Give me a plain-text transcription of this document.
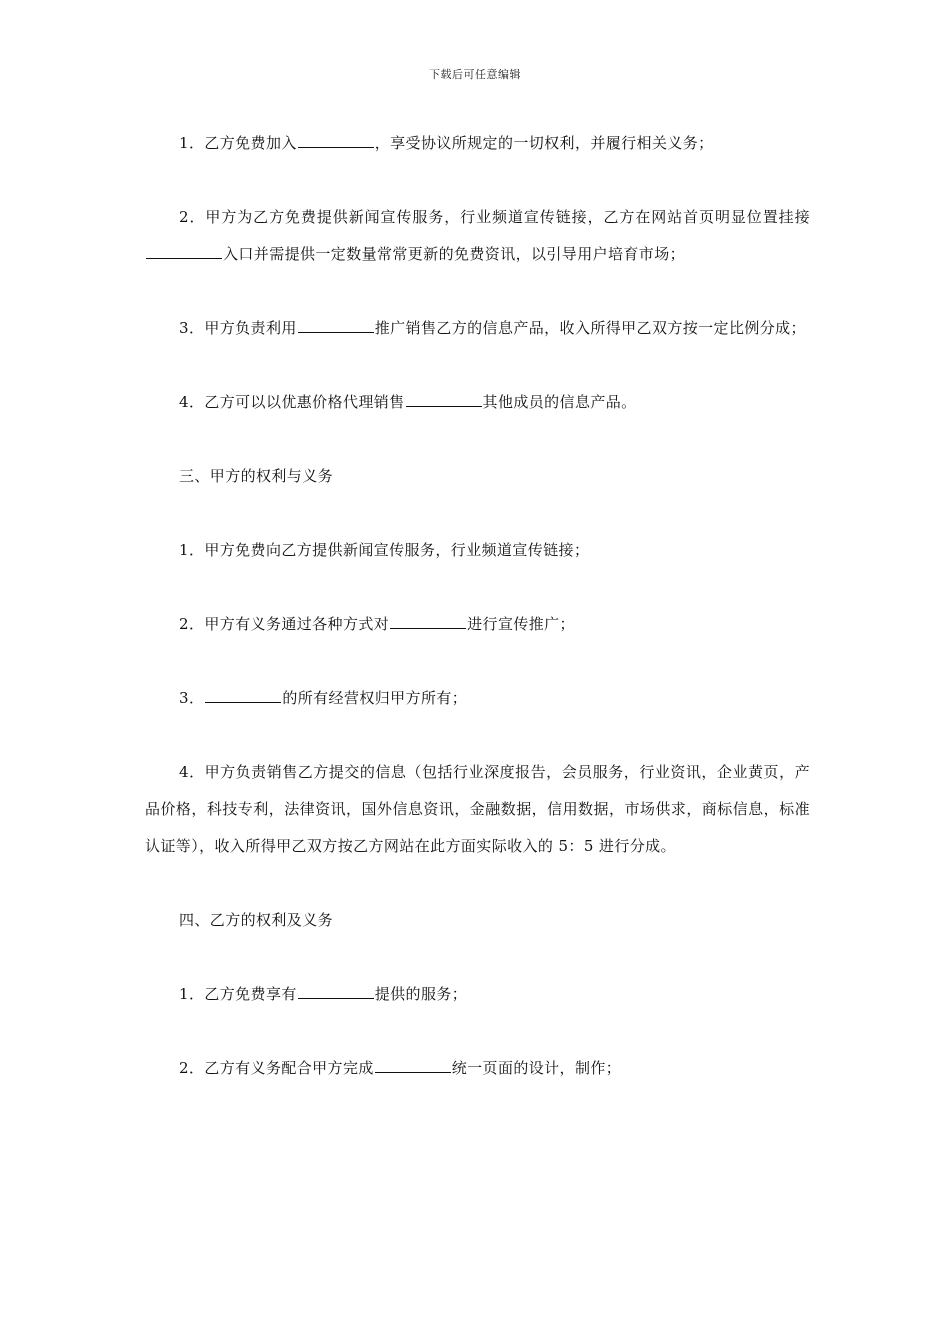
下载后可任意编辑

1．乙方免费加入	，享受协议所规定的一切权利，并履行相关义务；

2．甲方为乙方免费提供新闻宣传服务，行业频道宣传链接，乙方在网站首页明显位置挂接入口并需提供一定数量常常更新的免费资讯，以引导用户培育市场；

3．甲方负责利用	推广销售乙方的信息产品，收入所得甲乙双方按一定比例分成；

4．乙方可以以优惠价格代理销售	其他成员的信息产品。

三、甲方的权利与义务

1．甲方免费向乙方提供新闻宣传服务，行业频道宣传链接；

2．甲方有义务通过各种方式对	进行宣传推广；

3．	的所有经营权归甲方所有；

4．甲方负责销售乙方提交的信息（包括行业深度报告，会员服务，行业资讯，企业黄页，产品价格，科技专利，法律资讯，国外信息资讯，金融数据，信用数据，市场供求，商标信息，标准认证等），收入所得甲乙双方按乙方网站在此方面实际收入的 5：5 进行分成。

四、乙方的权利及义务

1．乙方免费享有	提供的服务；

2．乙方有义务配合甲方完成	统一页面的设计，制作；
